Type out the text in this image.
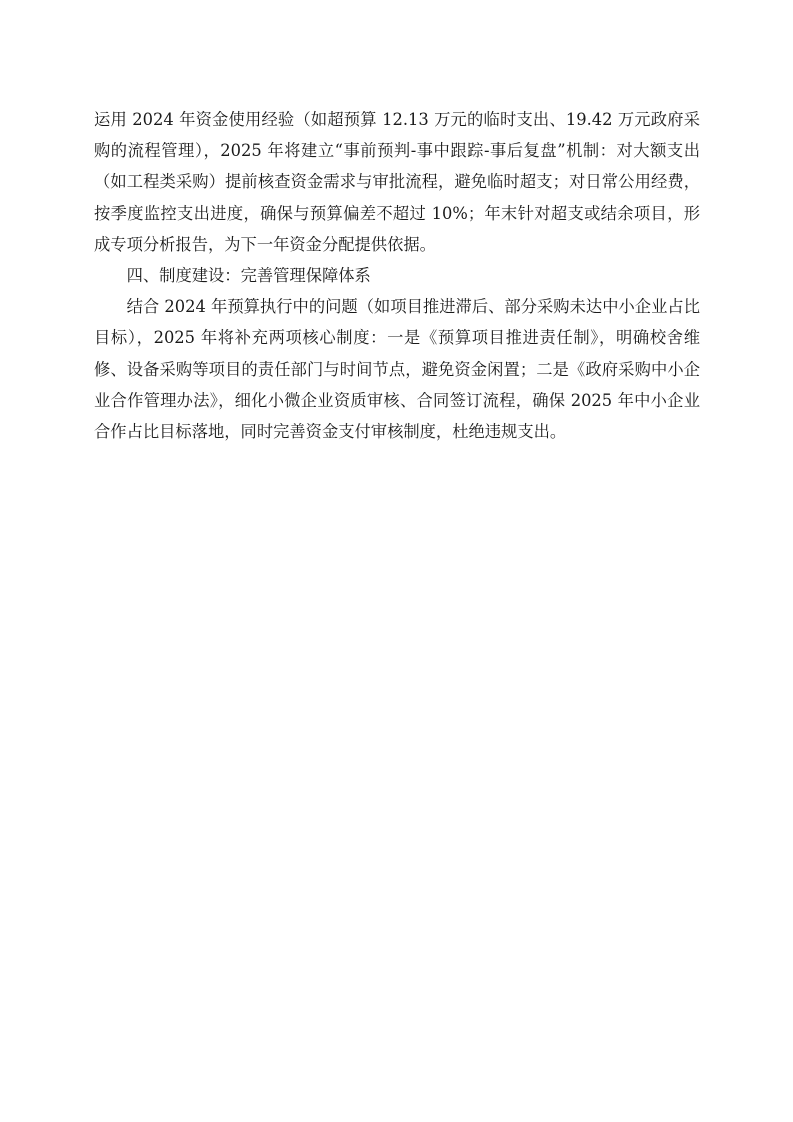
运用 2024 年资金使用经验（如超预算 12.13 万元的临时支出、19.42 万元政府采购的流程管理），2025 年将建立“事前预判-事中跟踪-事后复盘”机制：对大额支出（如工程类采购）提前核查资金需求与审批流程，避免临时超支；对日常公用经费，按季度监控支出进度，确保与预算偏差不超过 10%；年末针对超支或结余项目，形成专项分析报告，为下一年资金分配提供依据。

四、制度建设：完善管理保障体系

结合 2024 年预算执行中的问题（如项目推进滞后、部分采购未达中小企业占比目标），2025 年将补充两项核心制度：一是《预算项目推进责任制》，明确校舍维修、设备采购等项目的责任部门与时间节点，避免资金闲置；二是《政府采购中小企业合作管理办法》，细化小微企业资质审核、合同签订流程，确保 2025 年中小企业合作占比目标落地，同时完善资金支付审核制度，杜绝违规支出。
